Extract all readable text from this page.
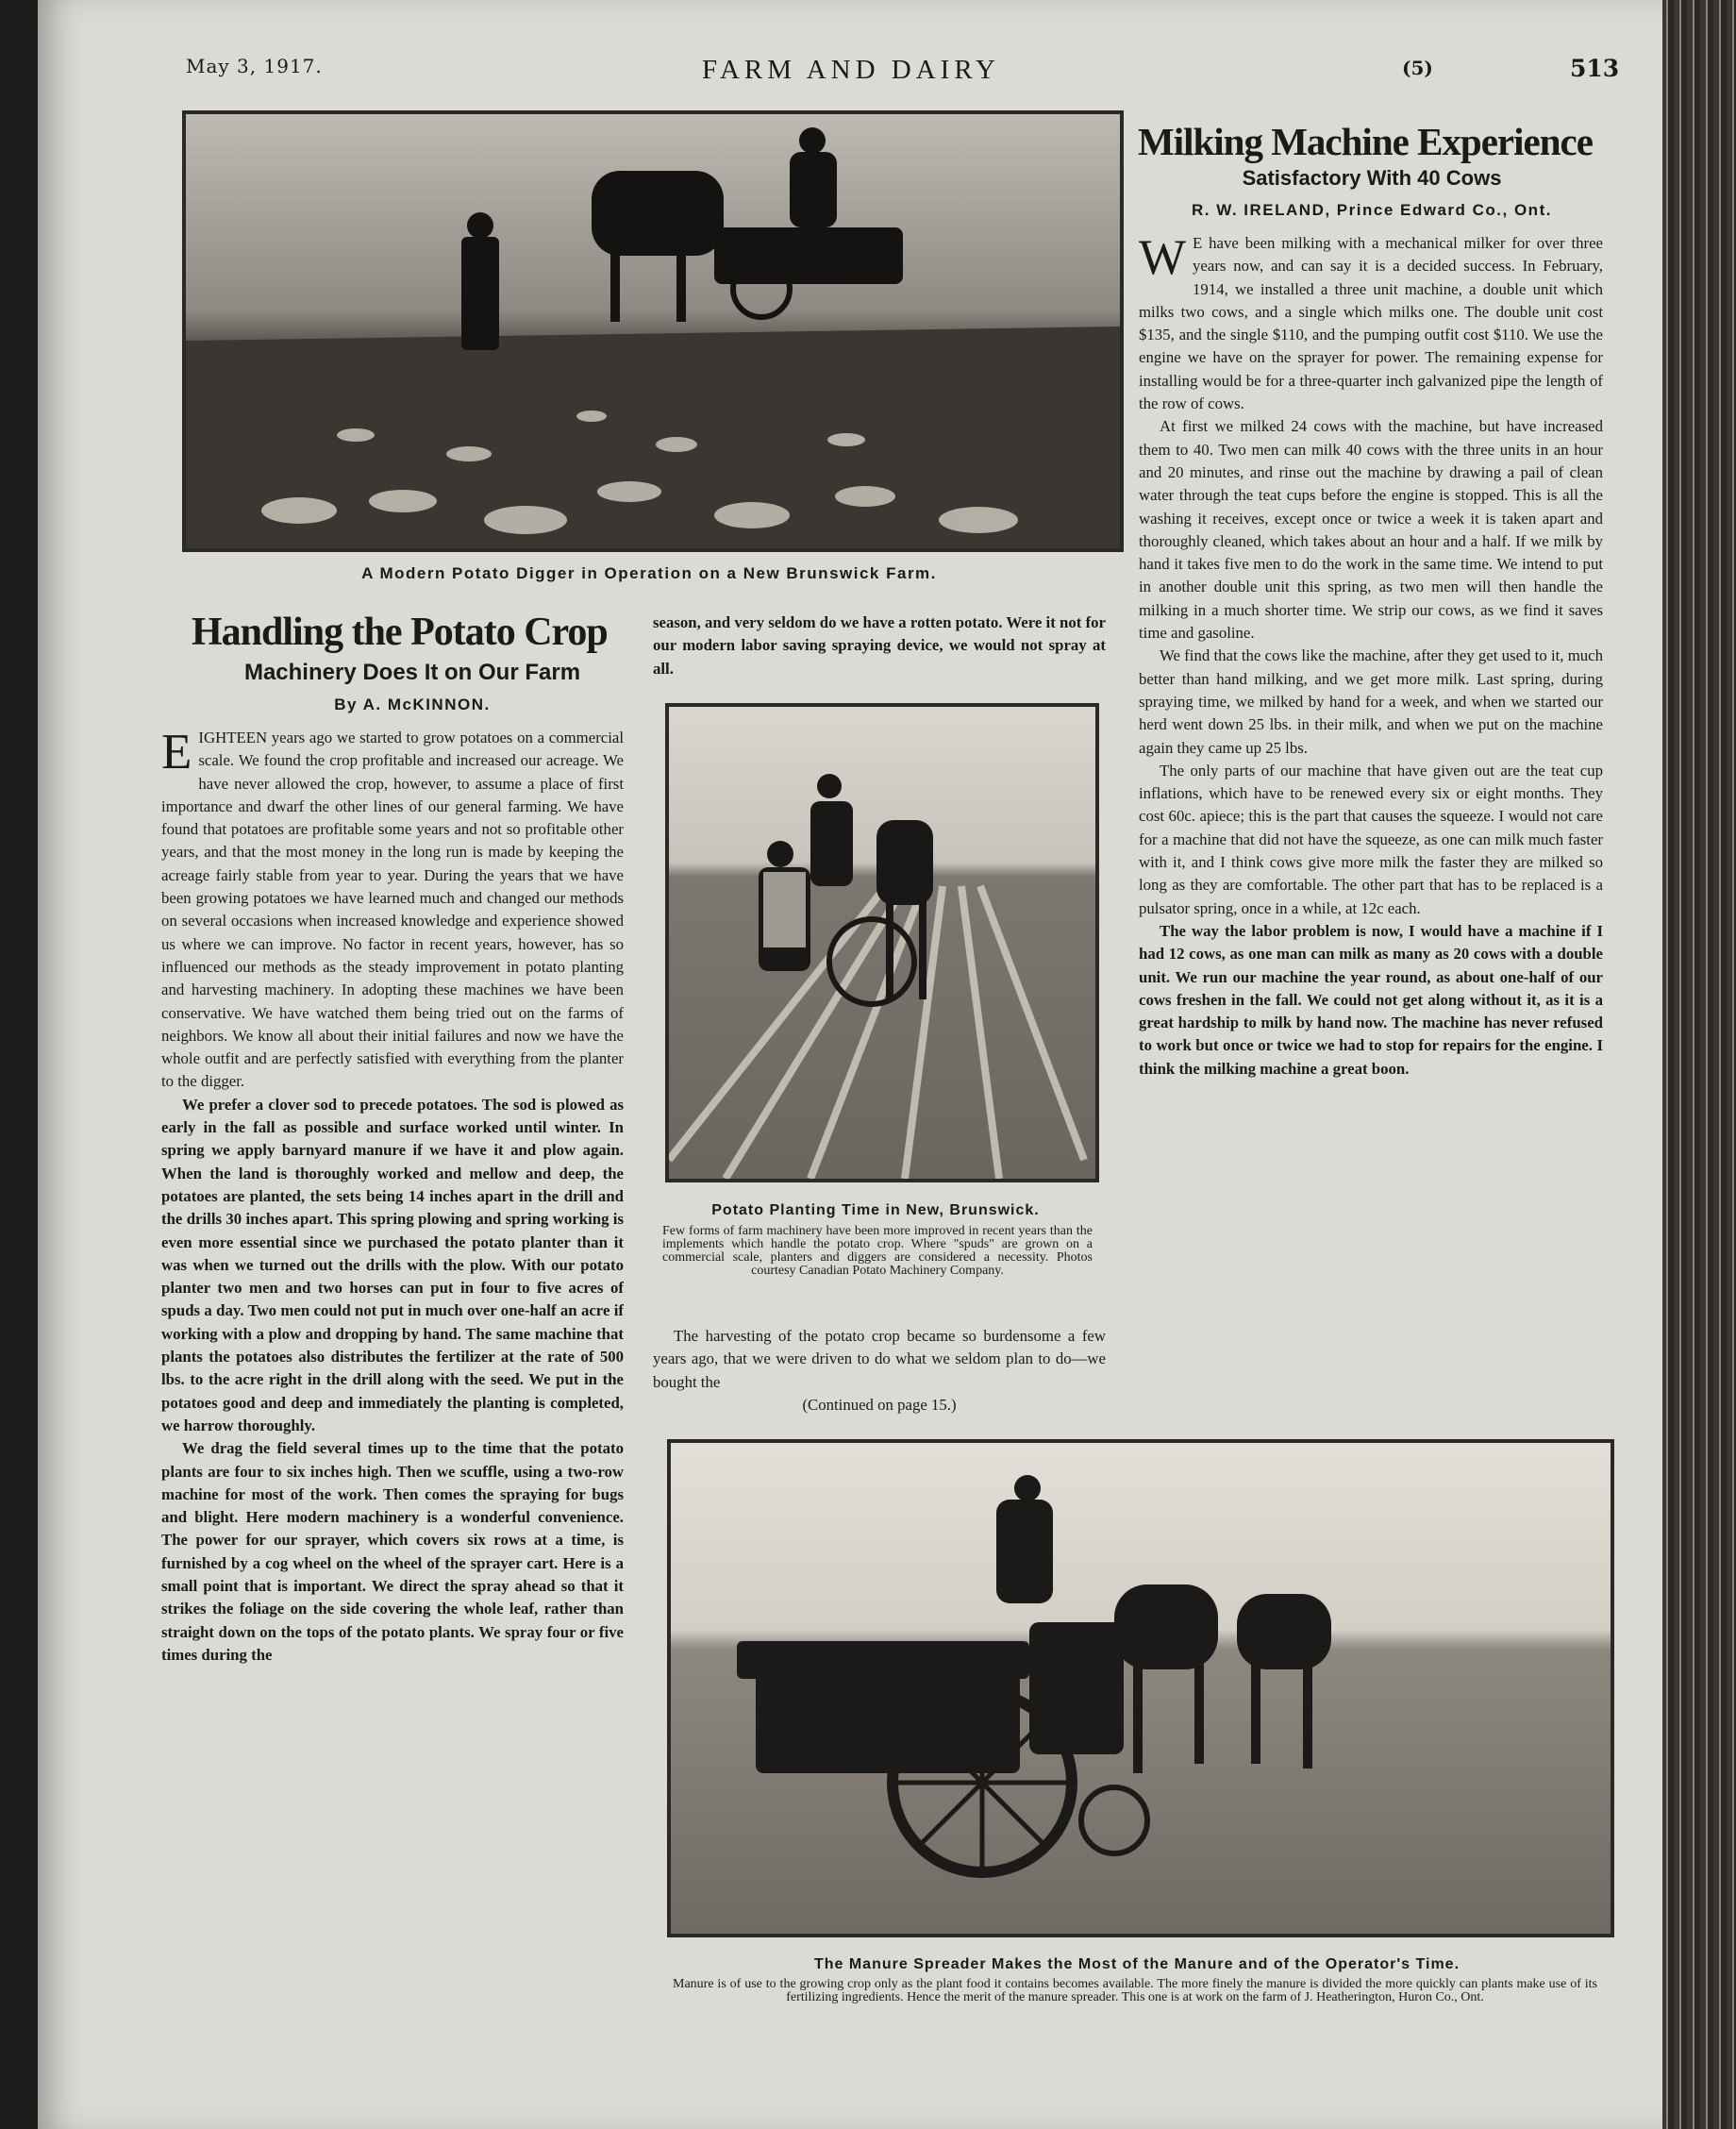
May 3, 1917.	FARM AND DAIRY	(5)	513
A Modern Potato Digger in Operation on a New Brunswick Farm.
Handling the Potato Crop
Machinery Does It on Our Farm
By A. McKINNON.

EIGHTEEN years ago we started to grow potatoes on a commercial scale. We found the crop profitable and increased our acreage. We have never allowed the crop, however, to assume a place of first importance and dwarf the other lines of our general farming. We have found that potatoes are profitable some years and not so profitable other years, and that the most money in the long run is made by keeping the acreage fairly stable from year to year. During the years that we have been growing potatoes we have learned much and changed our methods on several occasions when increased knowledge and experience showed us where we can improve. No factor in recent years, however, has so influenced our methods as the steady improvement in potato planting and harvesting machinery. In adopting these machines we have been conservative. We have watched them being tried out on the farms of neighbors. We know all about their initial failures and now we have the whole outfit and are perfectly satisfied with everything from the planter to the digger.

We prefer a clover sod to precede potatoes. The sod is plowed as early in the fall as possible and surface worked until winter. In spring we apply barnyard manure if we have it and plow again. When the land is thoroughly worked and mellow and deep, the potatoes are planted, the sets being 14 inches apart in the drill and the drills 30 inches apart. This spring plowing and spring working is even more essential since we purchased the potato planter than it was when we turned out the drills with the plow. With our potato planter two men and two horses can put in four to five acres of spuds a day. Two men could not put in much over one-half an acre if working with a plow and dropping by hand. The same machine that plants the potatoes also distributes the fertilizer at the rate of 500 lbs. to the acre right in the drill along with the seed. We put in the potatoes good and deep and immediately the planting is completed, we harrow thoroughly.

We drag the field several times up to the time that the potato plants are four to six inches high. Then we scuffle, using a two-row machine for most of the work. Then comes the spraying for bugs and blight. Here modern machinery is a wonderful convenience. The power for our sprayer, which covers six rows at a time, is furnished by a cog wheel on the wheel of the sprayer cart. Here is a small point that is important. We direct the spray ahead so that it strikes the foliage on the side covering the whole leaf, rather than straight down on the tops of the potato plants. We spray four or five times during the

season, and very seldom do we have a rotten potato. Were it not for our modern labor saving spraying device, we would not spray at all.

Potato Planting Time in New, Brunswick.
Few forms of farm machinery have been more improved in recent years than the implements which handle the potato crop. Where "spuds" are grown on a commercial scale, planters and diggers are considered a necessity. Photos courtesy Canadian Potato Machinery Company.

The harvesting of the potato crop became so burdensome a few years ago, that we were driven to do what we seldom plan to do—we bought the

(Continued on page 15.)

Milking Machine Experience
Satisfactory With 40 Cows
R. W. IRELAND, Prince Edward Co., Ont.

W E have been milking with a mechanical milker for over three years now, and can say it is a decided success. In February, 1914, we installed a three unit machine, a double unit which milks two cows, and a single which milks one. The double unit cost $135, and the single $110, and the pumping outfit cost $110. We use the engine we have on the sprayer for power. The remaining expense for installing would be for a three-quarter inch galvanized pipe the length of the row of cows.

At first we milked 24 cows with the machine, but have increased them to 40. Two men can milk 40 cows with the three units in an hour and 20 minutes, and rinse out the machine by drawing a pail of clean water through the teat cups before the engine is stopped. This is all the washing it receives, except once or twice a week it is taken apart and thoroughly cleaned, which takes about an hour and a half. If we milk by hand it takes five men to do the work in the same time. We intend to put in another double unit this spring, as two men will then handle the milking in a much shorter time. We strip our cows, as we find it saves time and gasoline.

We find that the cows like the machine, after they get used to it, much better than hand milking, and we get more milk. Last spring, during spraying time, we milked by hand for a week, and when we started our herd went down 25 lbs. in their milk, and when we put on the machine again they came up 25 lbs.

The only parts of our machine that have given out are the teat cup inflations, which have to be renewed every six or eight months. They cost 60c. apiece; this is the part that causes the squeeze. I would not care for a machine that did not have the squeeze, as one can milk much faster with it, and I think cows give more milk the faster they are milked so long as they are comfortable. The other part that has to be replaced is a pulsator spring, once in a while, at 12c each.

The way the labor problem is now, I would have a machine if I had 12 cows, as one man can milk as many as 20 cows with a double unit. We run our machine the year round, as about one-half of our cows freshen in the fall. We could not get along without it, as it is a great hardship to milk by hand now. The machine has never refused to work but once or twice we had to stop for repairs for the engine. I think the milking machine a great boon.

The Manure Spreader Makes the Most of the Manure and of the Operator's Time.
Manure is of use to the growing crop only as the plant food it contains becomes available. The more finely the manure is divided the more quickly can plants make use of its fertilizing ingredients. Hence the merit of the manure spreader. This one is at work on the farm of J. Heatherington, Huron Co., Ont.
